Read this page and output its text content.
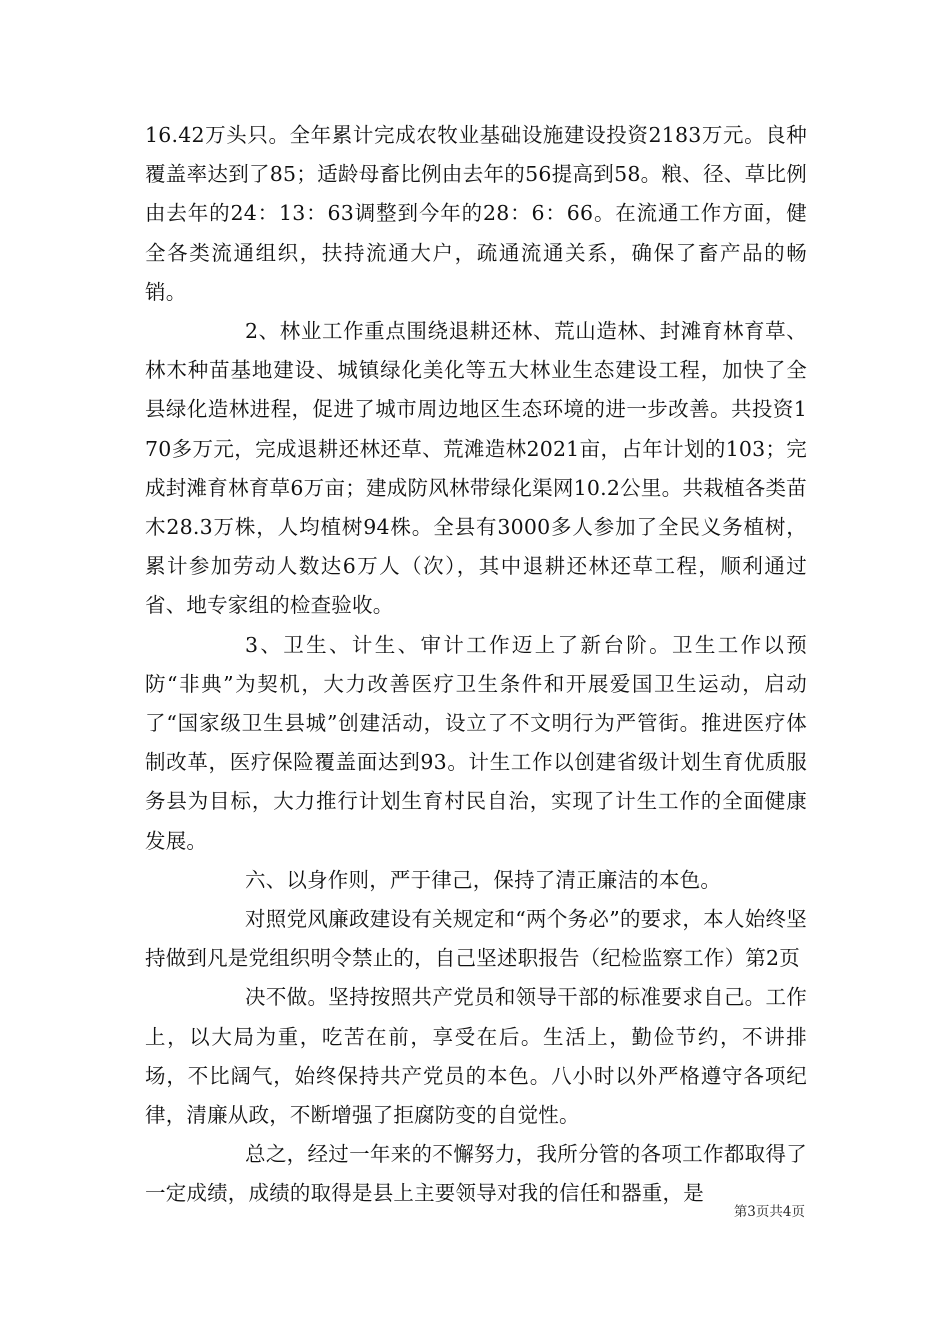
16.42万头只。全年累计完成农牧业基础设施建设投资2183万元。良种覆盖率达到了85；适龄母畜比例由去年的56提高到58。粮、径、草比例由去年的24：13：63调整到今年的28：6：66。在流通工作方面，健全各类流通组织，扶持流通大户，疏通流通关系，确保了畜产品的畅销。

2、林业工作重点围绕退耕还林、荒山造林、封滩育林育草、林木种苗基地建设、城镇绿化美化等五大林业生态建设工程，加快了全县绿化造林进程，促进了城市周边地区生态环境的进一步改善。共投资170多万元，完成退耕还林还草、荒滩造林2021亩，占年计划的103；完成封滩育林育草6万亩；建成防风林带绿化渠网10.2公里。共栽植各类苗木28.3万株，人均植树94株。全县有3000多人参加了全民义务植树，累计参加劳动人数达6万人（次），其中退耕还林还草工程，顺利通过省、地专家组的检查验收。

3、卫生、计生、审计工作迈上了新台阶。卫生工作以预防“非典”为契机，大力改善医疗卫生条件和开展爱国卫生运动，启动了“国家级卫生县城”创建活动，设立了不文明行为严管街。推进医疗体制改革，医疗保险覆盖面达到93。计生工作以创建省级计划生育优质服务县为目标，大力推行计划生育村民自治，实现了计生工作的全面健康发展。

六、以身作则，严于律己，保持了清正廉洁的本色。

对照党风廉政建设有关规定和“两个务必”的要求，本人始终坚持做到凡是党组织明令禁止的，自己坚述职报告（纪检监察工作）第2页

决不做。坚持按照共产党员和领导干部的标准要求自己。工作上，以大局为重，吃苦在前，享受在后。生活上，勤俭节约，不讲排场，不比阔气，始终保持共产党员的本色。八小时以外严格遵守各项纪律，清廉从政，不断增强了拒腐防变的自觉性。

总之，经过一年来的不懈努力，我所分管的各项工作都取得了一定成绩，成绩的取得是县上主要领导对我的信任和器重，是

第3页共4页
